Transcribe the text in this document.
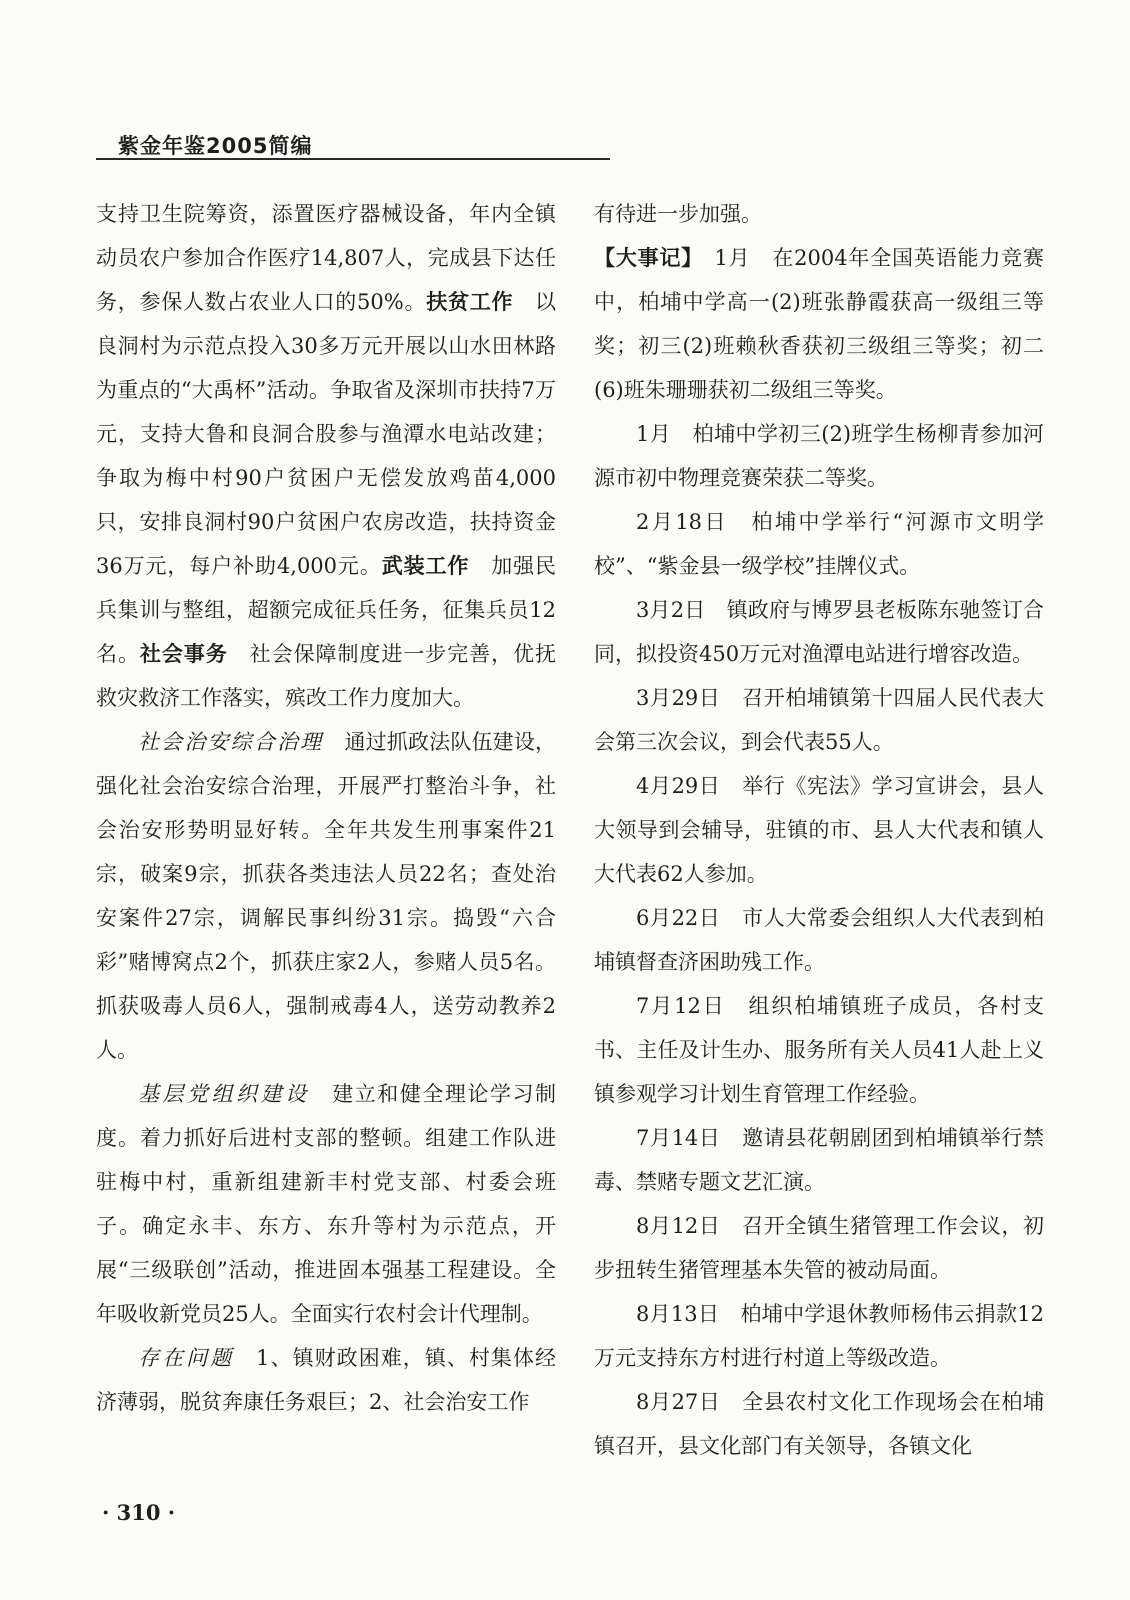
紫金年鉴2005简编

支持卫生院筹资，添置医疗器械设备，年内全镇动员农户参加合作医疗14,807人，完成县下达任务，参保人数占农业人口的50%。扶贫工作　以良洞村为示范点投入30多万元开展以山水田林路为重点的“大禹杯”活动。争取省及深圳市扶持7万元，支持大鲁和良洞合股参与渔潭水电站改建；争取为梅中村90户贫困户无偿发放鸡苗4,000只，安排良洞村90户贫困户农房改造，扶持资金36万元，每户补助4,000元。武装工作　加强民兵集训与整组，超额完成征兵任务，征集兵员12名。社会事务　社会保障制度进一步完善，优抚救灾救济工作落实，殡改工作力度加大。

社会治安综合治理　通过抓政法队伍建设，强化社会治安综合治理，开展严打整治斗争，社会治安形势明显好转。全年共发生刑事案件21宗，破案9宗，抓获各类违法人员22名；查处治安案件27宗，调解民事纠纷31宗。捣毁“六合彩”赌博窝点2个，抓获庄家2人，参赌人员5名。抓获吸毒人员6人，强制戒毒4人，送劳动教养2人。

基层党组织建设　建立和健全理论学习制度。着力抓好后进村支部的整顿。组建工作队进驻梅中村，重新组建新丰村党支部、村委会班子。确定永丰、东方、东升等村为示范点，开展“三级联创”活动，推进固本强基工程建设。全年吸收新党员25人。全面实行农村会计代理制。

存在问题　1、镇财政困难，镇、村集体经济薄弱，脱贫奔康任务艰巨；2、社会治安工作

有待进一步加强。

【大事记】　1月　在2004年全国英语能力竞赛中，柏埔中学高一(2)班张静霞获高一级组三等奖；初三(2)班赖秋香获初三级组三等奖；初二(6)班朱珊珊获初二级组三等奖。

1月　柏埔中学初三(2)班学生杨柳青参加河源市初中物理竞赛荣获二等奖。

2月18日　柏埔中学举行“河源市文明学校”、“紫金县一级学校”挂牌仪式。

3月2日　镇政府与博罗县老板陈东驰签订合同，拟投资450万元对渔潭电站进行增容改造。

3月29日　召开柏埔镇第十四届人民代表大会第三次会议，到会代表55人。

4月29日　举行《宪法》学习宣讲会，县人大领导到会辅导，驻镇的市、县人大代表和镇人大代表62人参加。

6月22日　市人大常委会组织人大代表到柏埔镇督查济困助残工作。

7月12日　组织柏埔镇班子成员，各村支书、主任及计生办、服务所有关人员41人赴上义镇参观学习计划生育管理工作经验。

7月14日　邀请县花朝剧团到柏埔镇举行禁毒、禁赌专题文艺汇演。

8月12日　召开全镇生猪管理工作会议，初步扭转生猪管理基本失管的被动局面。

8月13日　柏埔中学退休教师杨伟云捐款12万元支持东方村进行村道上等级改造。

8月27日　全县农村文化工作现场会在柏埔镇召开，县文化部门有关领导，各镇文化

· 310 ·
